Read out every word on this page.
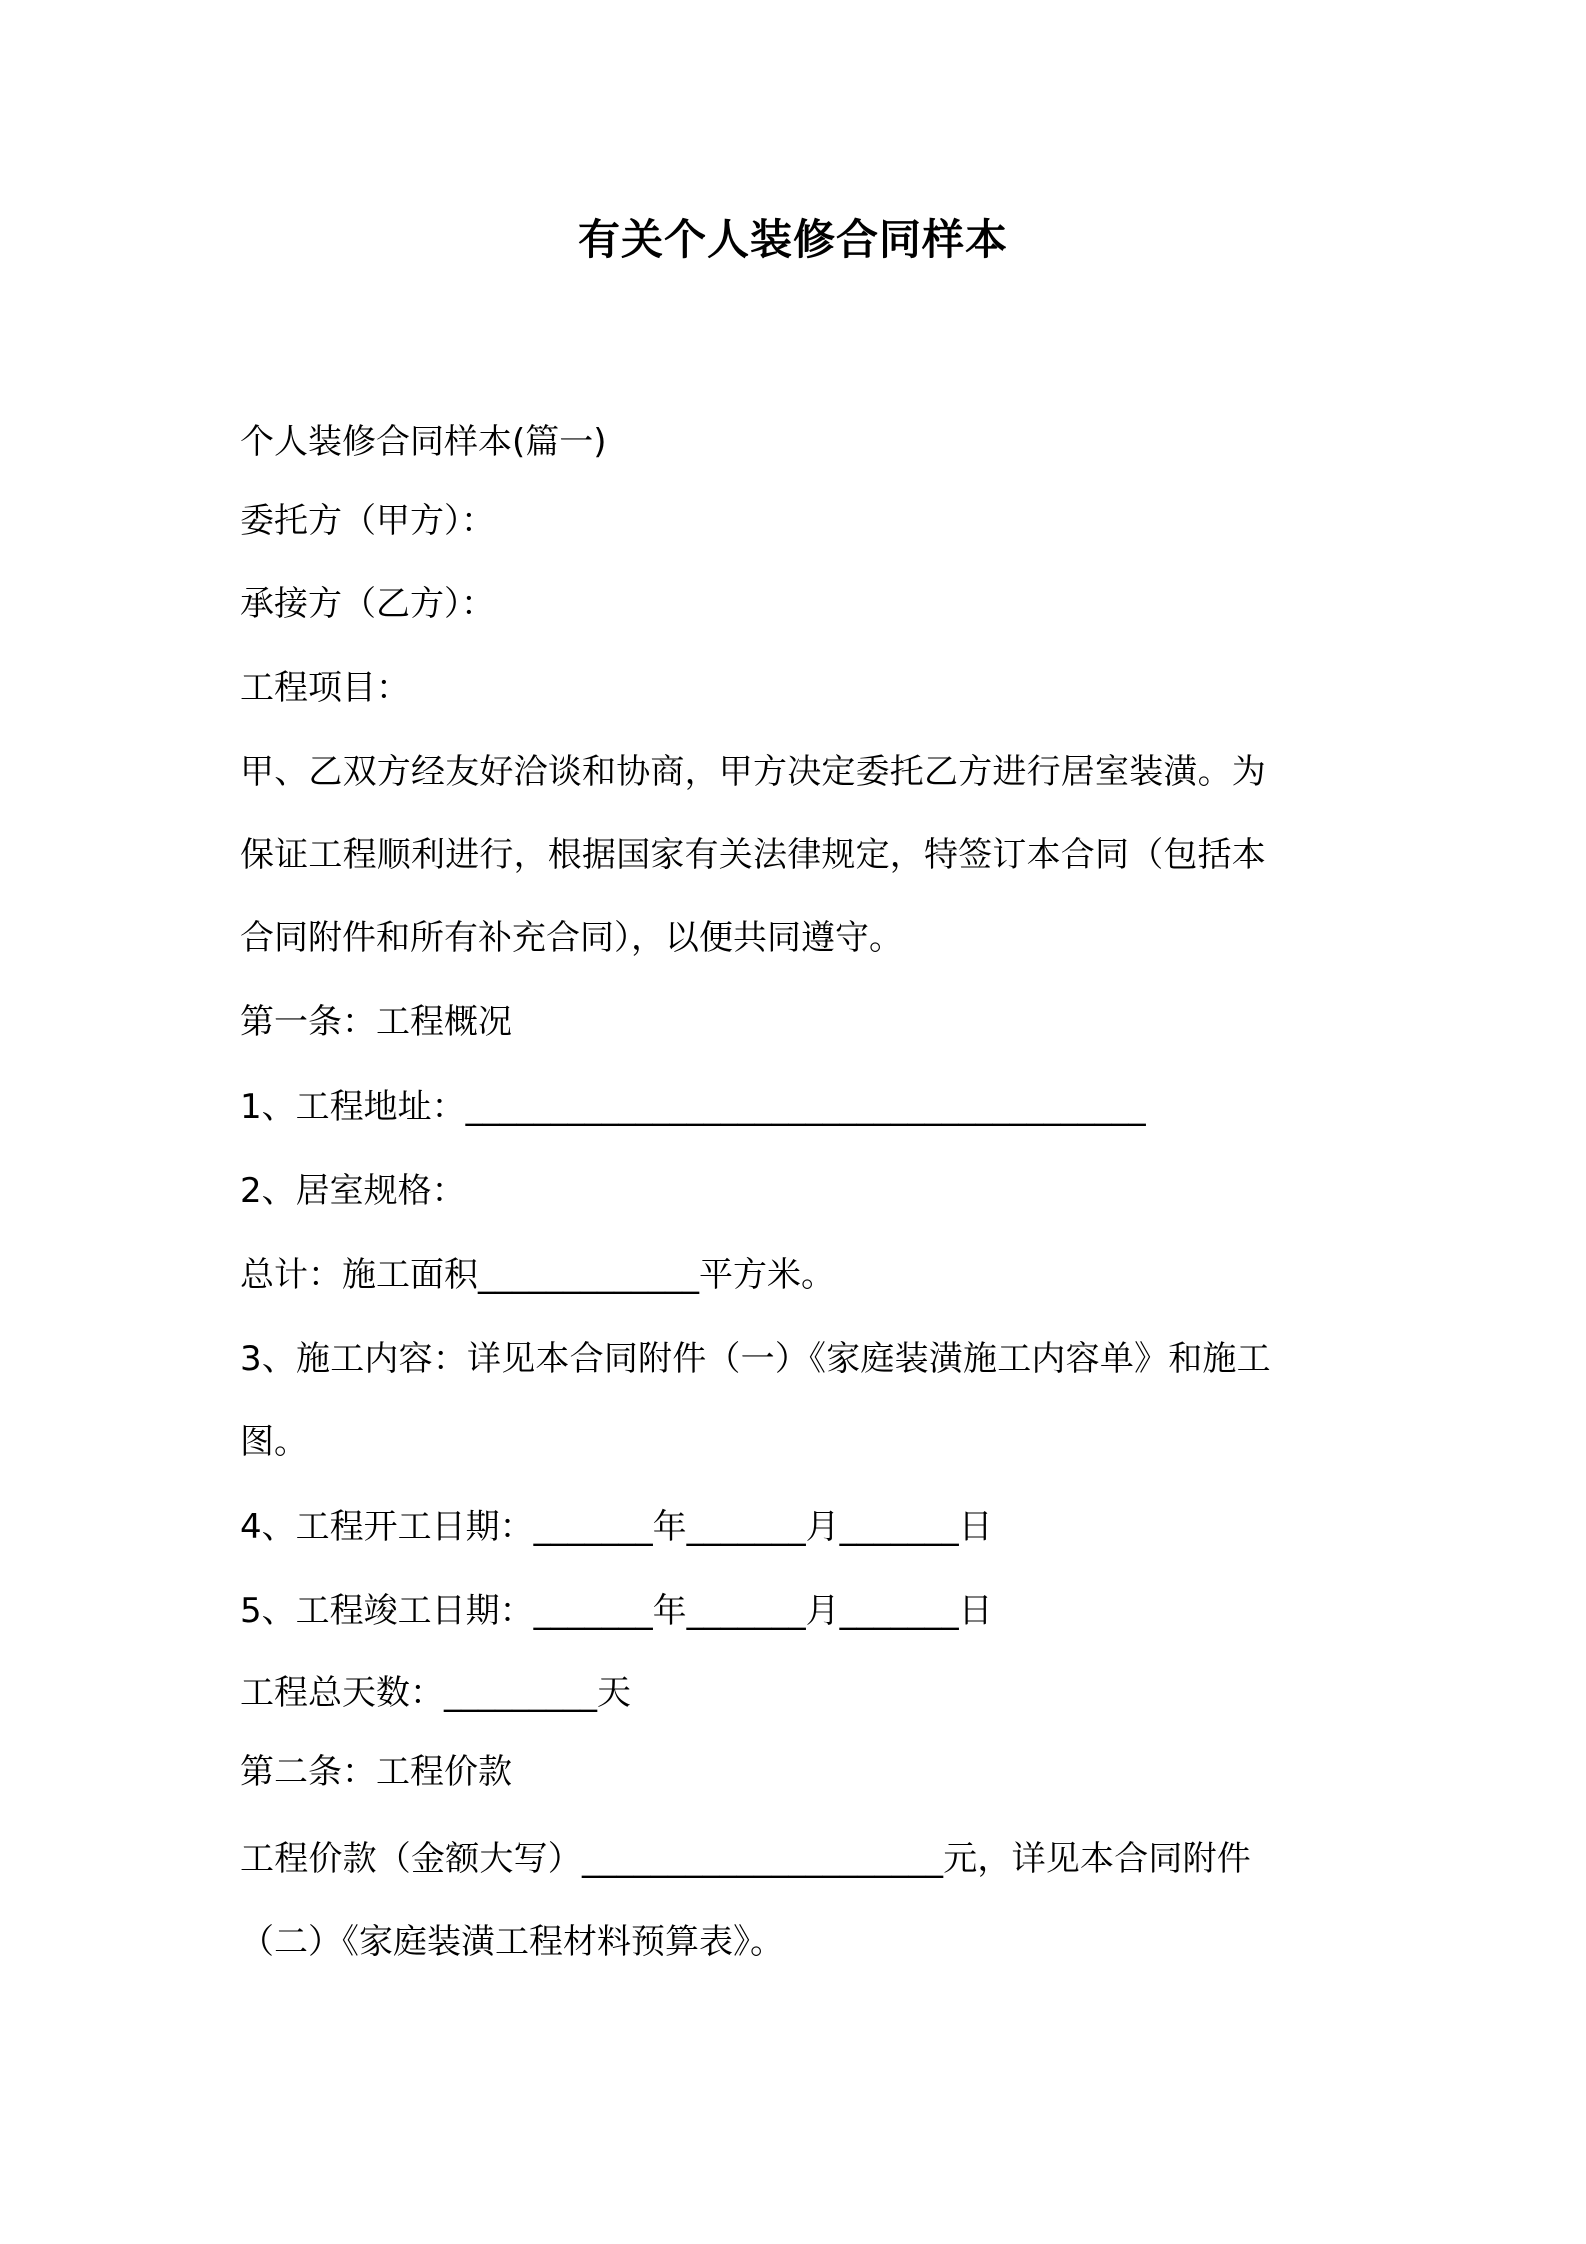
有关个人装修合同样本
个人装修合同样本(篇一)
委托方（甲方）：
承接方（乙方）：
工程项目：
甲、乙双方经友好洽谈和协商，甲方决定委托乙方进行居室装潢。为
保证工程顺利进行，根据国家有关法律规定，特签订本合同（包括本
合同附件和所有补充合同），以便共同遵守。
第一条：工程概况
1、工程地址：________________________________________
2、居室规格：
总计：施工面积_____________平方米。
3、施工内容：详见本合同附件（一）《家庭装潢施工内容单》和施工
图。
4、工程开工日期：_______年_______月_______日
5、工程竣工日期：_______年_______月_______日
工程总天数：_________天
第二条：工程价款
工程价款（金额大写）_____________________元，详见本合同附件
（二）《家庭装潢工程材料预算表》。
